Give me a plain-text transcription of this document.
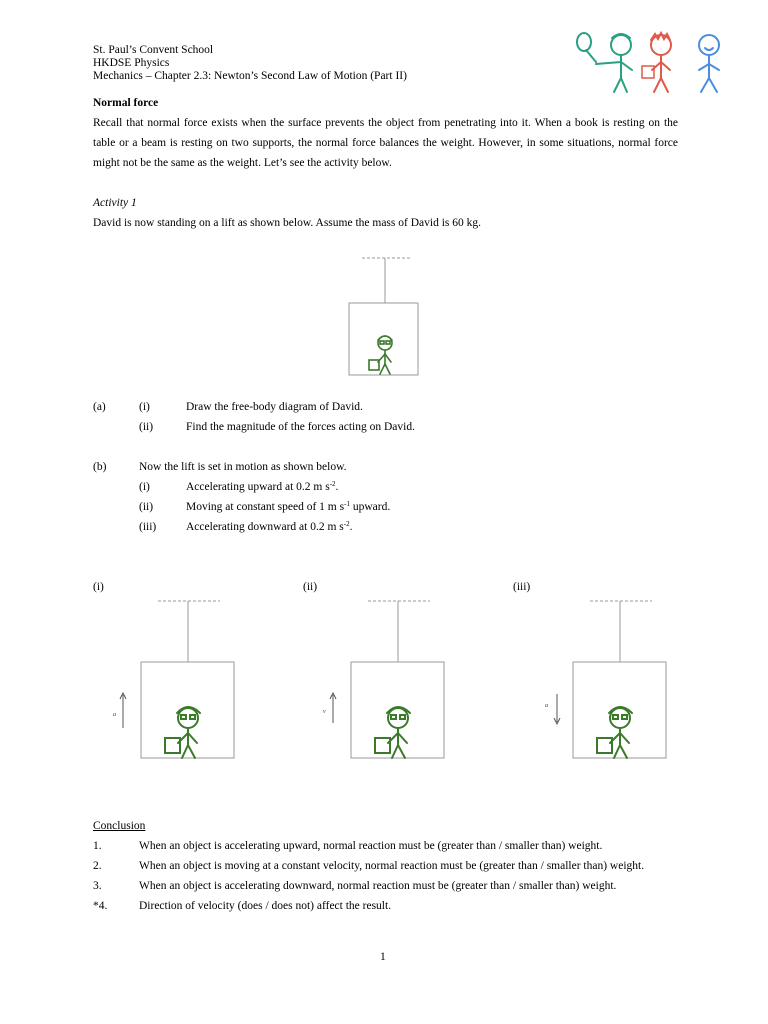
St. Paul’s Convent School
HKDSE Physics
Mechanics – Chapter 2.3: Newton’s Second Law of Motion (Part II)
Normal force
Recall that normal force exists when the surface prevents the object from penetrating into it. When a book is resting on the table or a beam is resting on two supports, the normal force balances the weight. However, in some situations, normal force might not be the same as the weight. Let’s see the activity below.
Activity 1
David is now standing on a lift as shown below. Assume the mass of David is 60 kg.
(a)	(i)	Draw the free-body diagram of David.
(ii)	Find the magnitude of the forces acting on David.
(b)	Now the lift is set in motion as shown below.
(i)	Accelerating upward at 0.2 m $s^{-2}$.
(ii)	Moving at constant speed of 1 m $s^{-1}$ upward.
(iii)	Accelerating downward at 0.2 m $s^{-2}$.
(i)	(ii)	(iii)
a	v
a
Conclusion
1.	When an object is accelerating upward, normal reaction must be (greater than / smaller than) weight.
2.	When an object is moving at a constant velocity, normal reaction must be (greater than / smaller than) weight.
3.	When an object is accelerating downward, normal reaction must be (greater than / smaller than) weight.
*4.	Direction of velocity (does / does not) affect the result.
1
